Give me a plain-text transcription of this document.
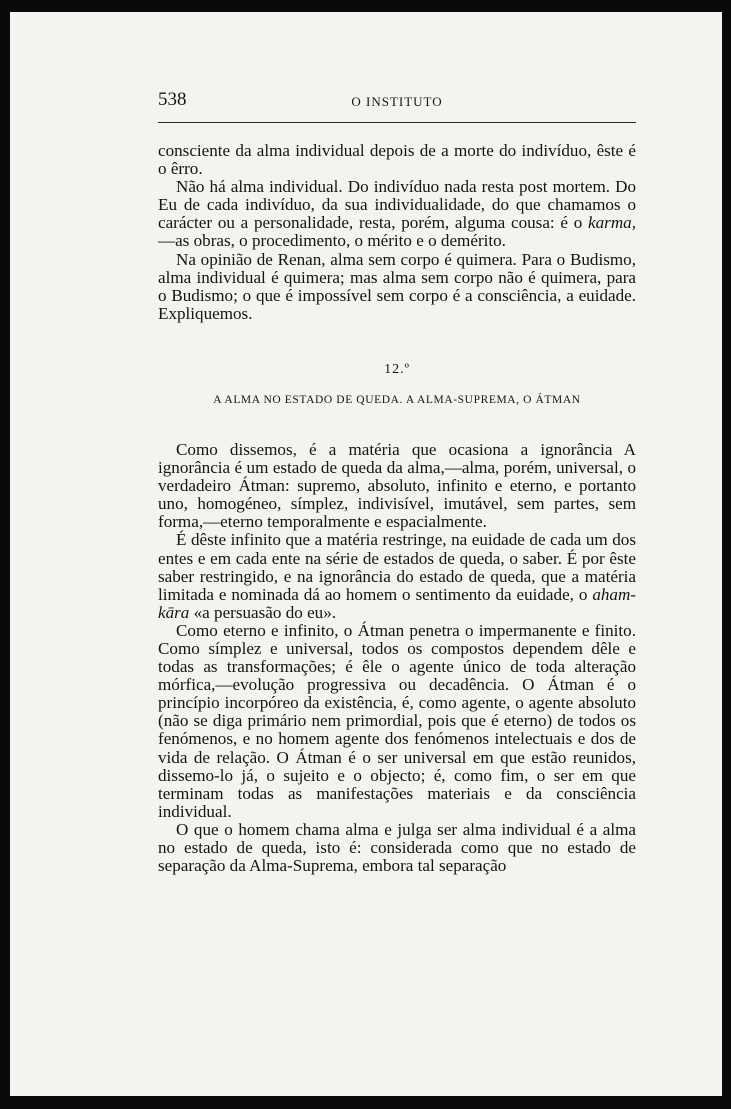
538	O INSTITUTO

consciente da alma individual depois de a morte do indivíduo, êste é o êrro.

Não há alma individual. Do indivíduo nada resta post mortem. Do Eu de cada indivíduo, da sua individualidade, do que chamamos o carácter ou a personalidade, resta, porém, alguma cousa: é o karma,—as obras, o procedimento, o mérito e o demérito.

Na opinião de Renan, alma sem corpo é quimera. Para o Budismo, alma individual é quimera; mas alma sem corpo não é quimera, para o Budismo; o que é impossível sem corpo é a consciência, a euidade. Expliquemos.

12.º
A ALMA NO ESTADO DE QUEDA. A ALMA-SUPREMA, O ÁTMAN

Como dissemos, é a matéria que ocasiona a ignorância A ignorância é um estado de queda da alma,—alma, porém, universal, o verdadeiro Átman: supremo, absoluto, infinito e eterno, e portanto uno, homogéneo, símplez, indivisível, imutável, sem partes, sem forma,—eterno temporalmente e espacialmente.

É dêste infinito que a matéria restringe, na euidade de cada um dos entes e em cada ente na série de estados de queda, o saber. É por êste saber restringido, e na ignorância do estado de queda, que a matéria limitada e nominada dá ao homem o sentimento da euidade, o aham-kāra «a persuasão do eu».

Como eterno e infinito, o Átman penetra o impermanente e finito. Como símplez e universal, todos os compostos dependem dêle e todas as transformações; é êle o agente único de toda alteração mórfica,—evolução progressiva ou decadência. O Átman é o princípio incorpóreo da existência, é, como agente, o agente absoluto (não se diga primário nem primordial, pois que é eterno) de todos os fenómenos, e no homem agente dos fenómenos intelectuais e dos de vida de relação. O Átman é o ser universal em que estão reunidos, dissemo-lo já, o sujeito e o objecto; é, como fim, o ser em que terminam todas as manifestações materiais e da consciência individual.

O que o homem chama alma e julga ser alma individual é a alma no estado de queda, isto é: considerada como que no estado de separação da Alma-Suprema, embora tal separação
